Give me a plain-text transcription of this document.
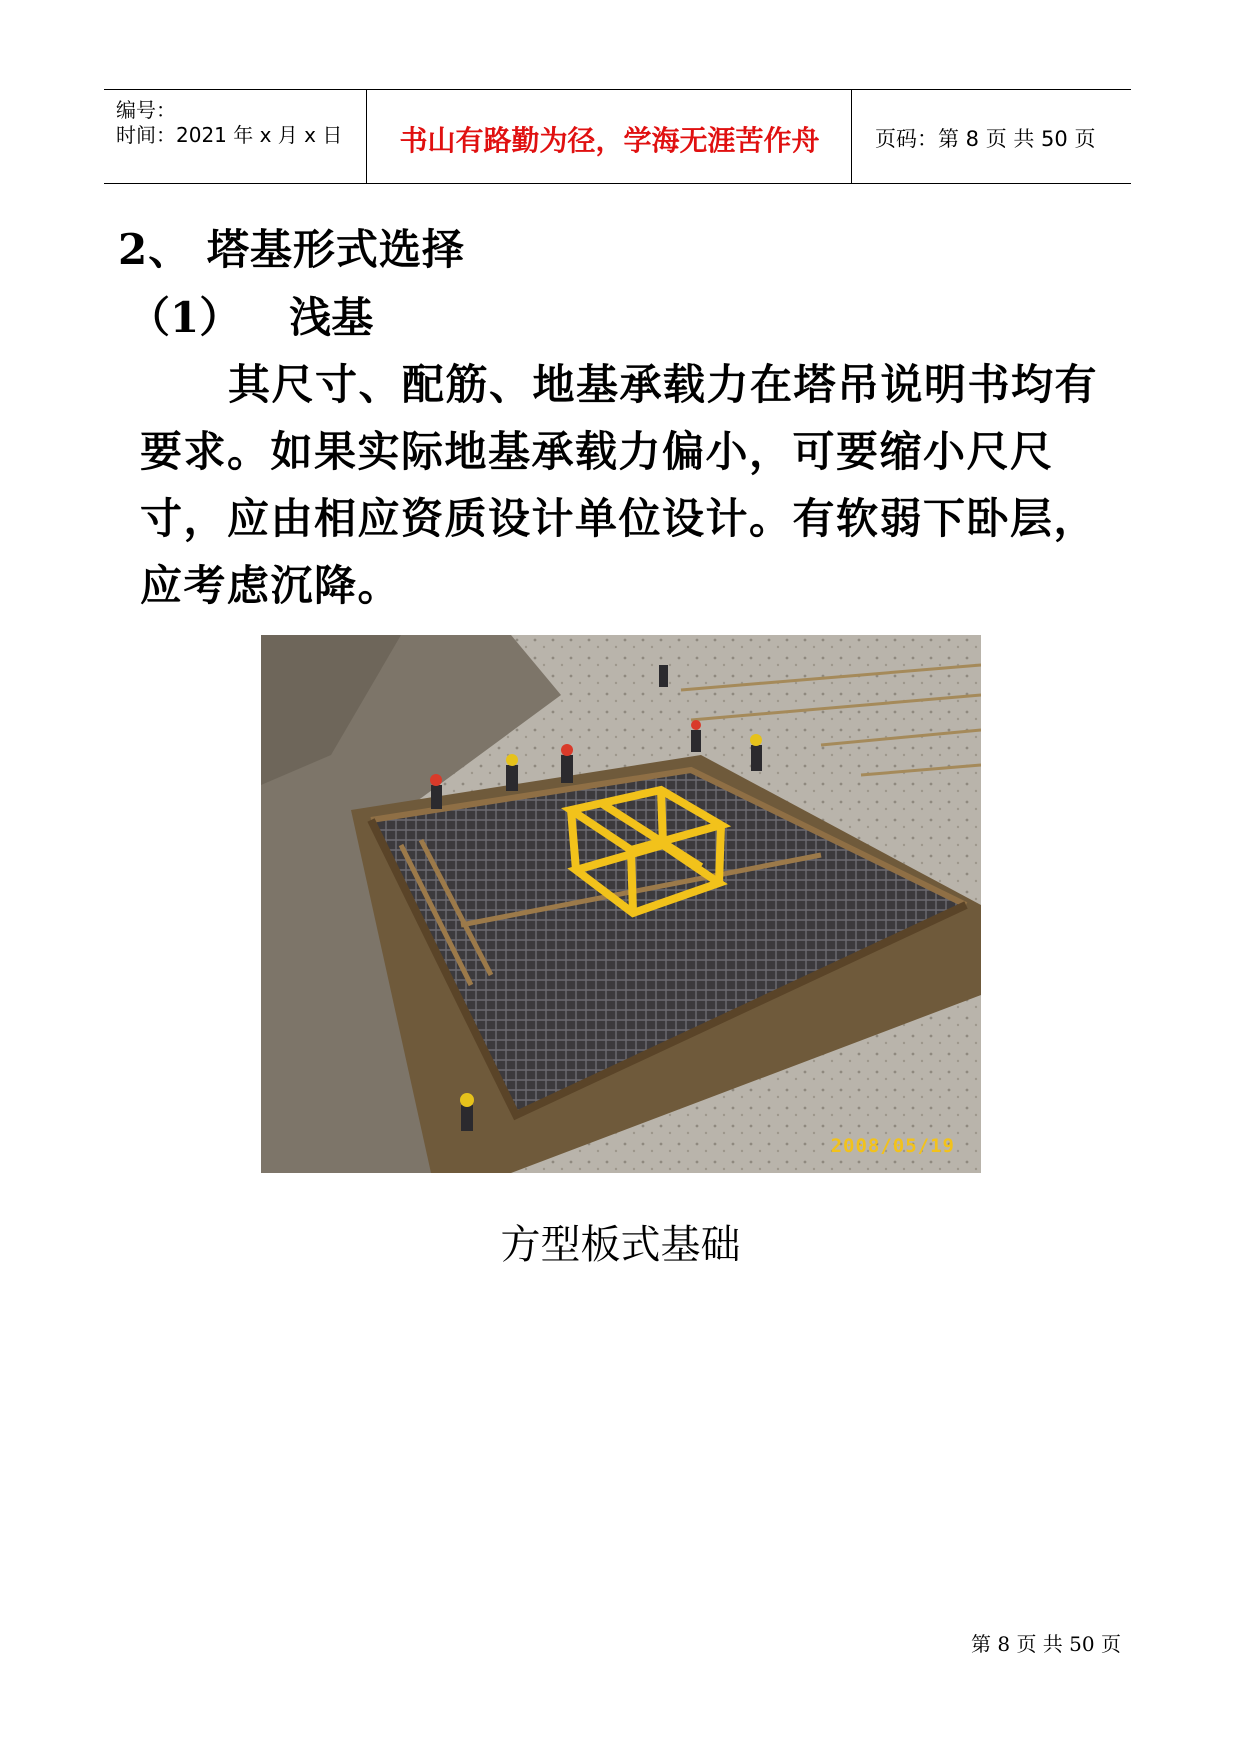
编号：
时间：2021 年 x 月 x 日	书山有路勤为径，学海无涯苦作舟	页码：第 8 页 共 50 页
2、 塔基形式选择
（1） 浅基

其尺寸、配筋、地基承载力在塔吊说明书均有要求。如果实际地基承载力偏小，可要缩小尺尺寸，应由相应资质设计单位设计。有软弱下卧层，应考虑沉降。

2008/05/19
方型板式基础
第 8 页 共 50 页
